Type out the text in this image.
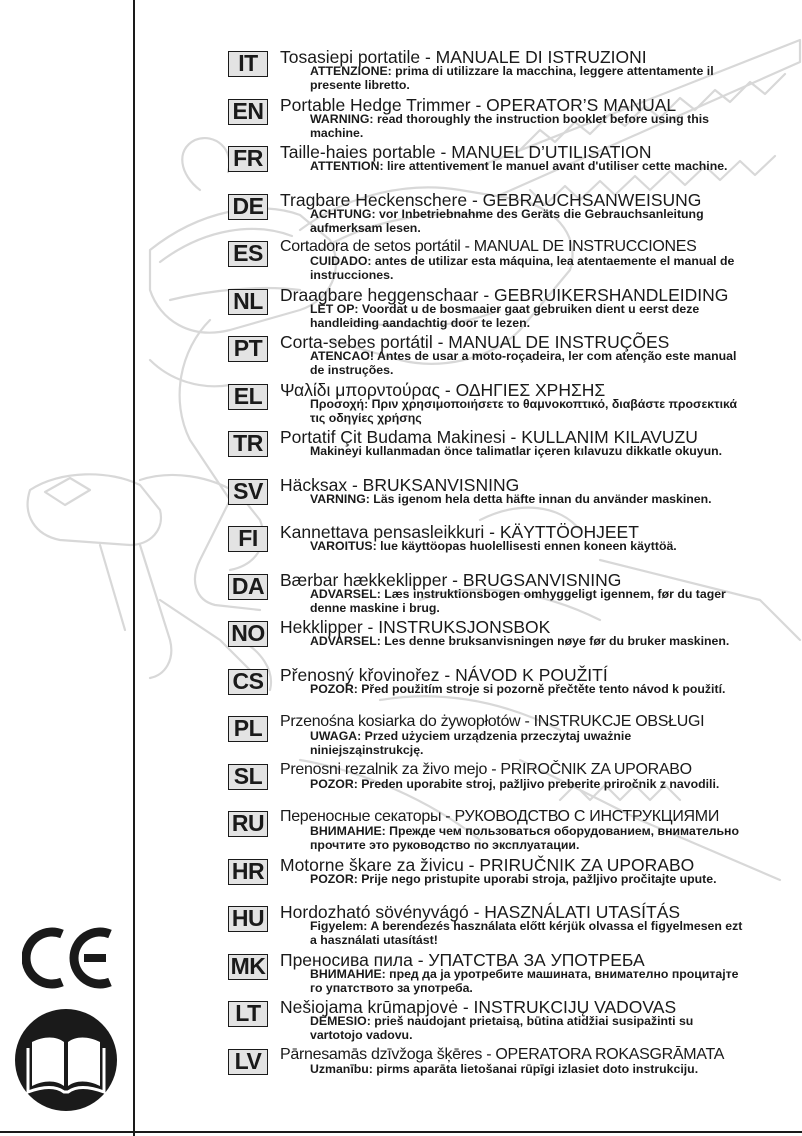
IT	Tosasiepi portatile - MANUALE DI ISTRUZIONI
ATTENZIONE: prima di utilizzare la macchina, leggere attentamente il presente libretto.
EN Portable Hedge Trimmer - OPERATOR’S MANUAL
WARNING: read thoroughly the instruction booklet before using this machine.
FR Taille-haies portable - MANUEL D’UTILISATION
ATTENTION: lire attentivement le manuel avant d'utiliser cette machine.
DE Tragbare Heckenschere - GEBRAUCHSANWEISUNG
ACHTUNG: vor Inbetriebnahme des Geräts die Gebrauchsanleitung aufmerksam lesen.
ES	Cortadora de setos portátil - MANUAL DE INSTRUCCIONES
CUIDADO: antes de utilizar esta máquina, lea atentaemente el manual de instrucciones.
NL Draagbare heggenschaar - GEBRUIKERSHANDLEIDING
LET OP: Voordat u de bosmaaier gaat gebruiken dient u eerst deze handleiding aandachtig door te lezen.
PT	Corta-sebes portátil - MANUAL DE INSTRUÇÕES
ATENCAO! Antes de usar a moto-roçadeira, ler com atenção este manual de instruções.
EL	Ψαλίδι μπορντούρας - ΟΔΗΓΙΕΣ ΧΡΗΣΗΣ
Προσοχή: Πριν χρησιμοποιήσετε το θαμνοκοπτικό, διαβάστε προσεκτικά τις οδηγίες χρήσης
TR Portatif Çit Budama Makinesi - KULLANIM KILAVUZU
Makineyi kullanmadan önce talimatlar içeren kılavuzu dikkatle okuyun.
SV Häcksax - BRUKSANVISNING
VARNING: Läs igenom hela detta häfte innan du använder maskinen.
FI	Kannettava pensasleikkuri - KÄYTTÖOHJEET
VAROITUS: lue käyttöopas huolellisesti ennen koneen käyttöä.
DA Bærbar hækkeklipper - BRUGSANVISNING
ADVARSEL: Læs instruktionsbogen omhyggeligt igennem, før du tager denne maskine i brug.
NO Hekklipper - INSTRUKSJONSBOK
ADVARSEL: Les denne bruksanvisningen nøye før du bruker maskinen.
CS Přenosný křovinořez - NÁVOD K POUŽITÍ
POZOR: Před použitím stroje si pozorně přečtěte tento návod k použití.
PL	Przenośna kosiarka do żywopłotów - INSTRUKCJE OBSŁUGI
UWAGA: Przed użyciem urządzenia przeczytaj uważnie niniejsząinstrukcję.
SL	Prenosni rezalnik za živo mejo - PRIROČNIK ZA UPORABO
POZOR: Preden uporabite stroj, pažljivo preberite priročnik z navodili.
RU Переносные секаторы - РУКОВОДСТВО С ИНСТРУКЦИЯМИ
ВНИМАНИЕ: Прежде чем пользоваться оборудованием, внимательно прочтите это руководство по эксплуатации.
HR Motorne škare za živicu - PRIRUČNIK ZA UPORABO
POZOR: Prije nego pristupite uporabi stroja, pažljivo pročitajte upute.
HU Hordozható sövényvágó - HASZNÁLATI UTASÍTÁS
Figyelem: A berendezés használata előtt kérjük olvassa el figyelmesen ezt a használati utasítást!
MK Преносива пила - УПАТСТВА ЗА УПОТРЕБА
ВНИМАНИЕ: пред да ја уротребите машината, внимателно процитајте го упатството за употреба.
LT	Nešiojama krūmapjovė - INSTRUKCIJŲ VADOVAS
DĖMESIO: prieš naudojant prietaisą, būtina atidžiai susipažinti su vartotojo vadovu.
LV	Pārnesamās dzīvžoga šķēres - OPERATORA ROKASGRĀMATA
Uzmanību: pirms aparāta lietošanai rūpīgi izlasiet doto instrukciju.
